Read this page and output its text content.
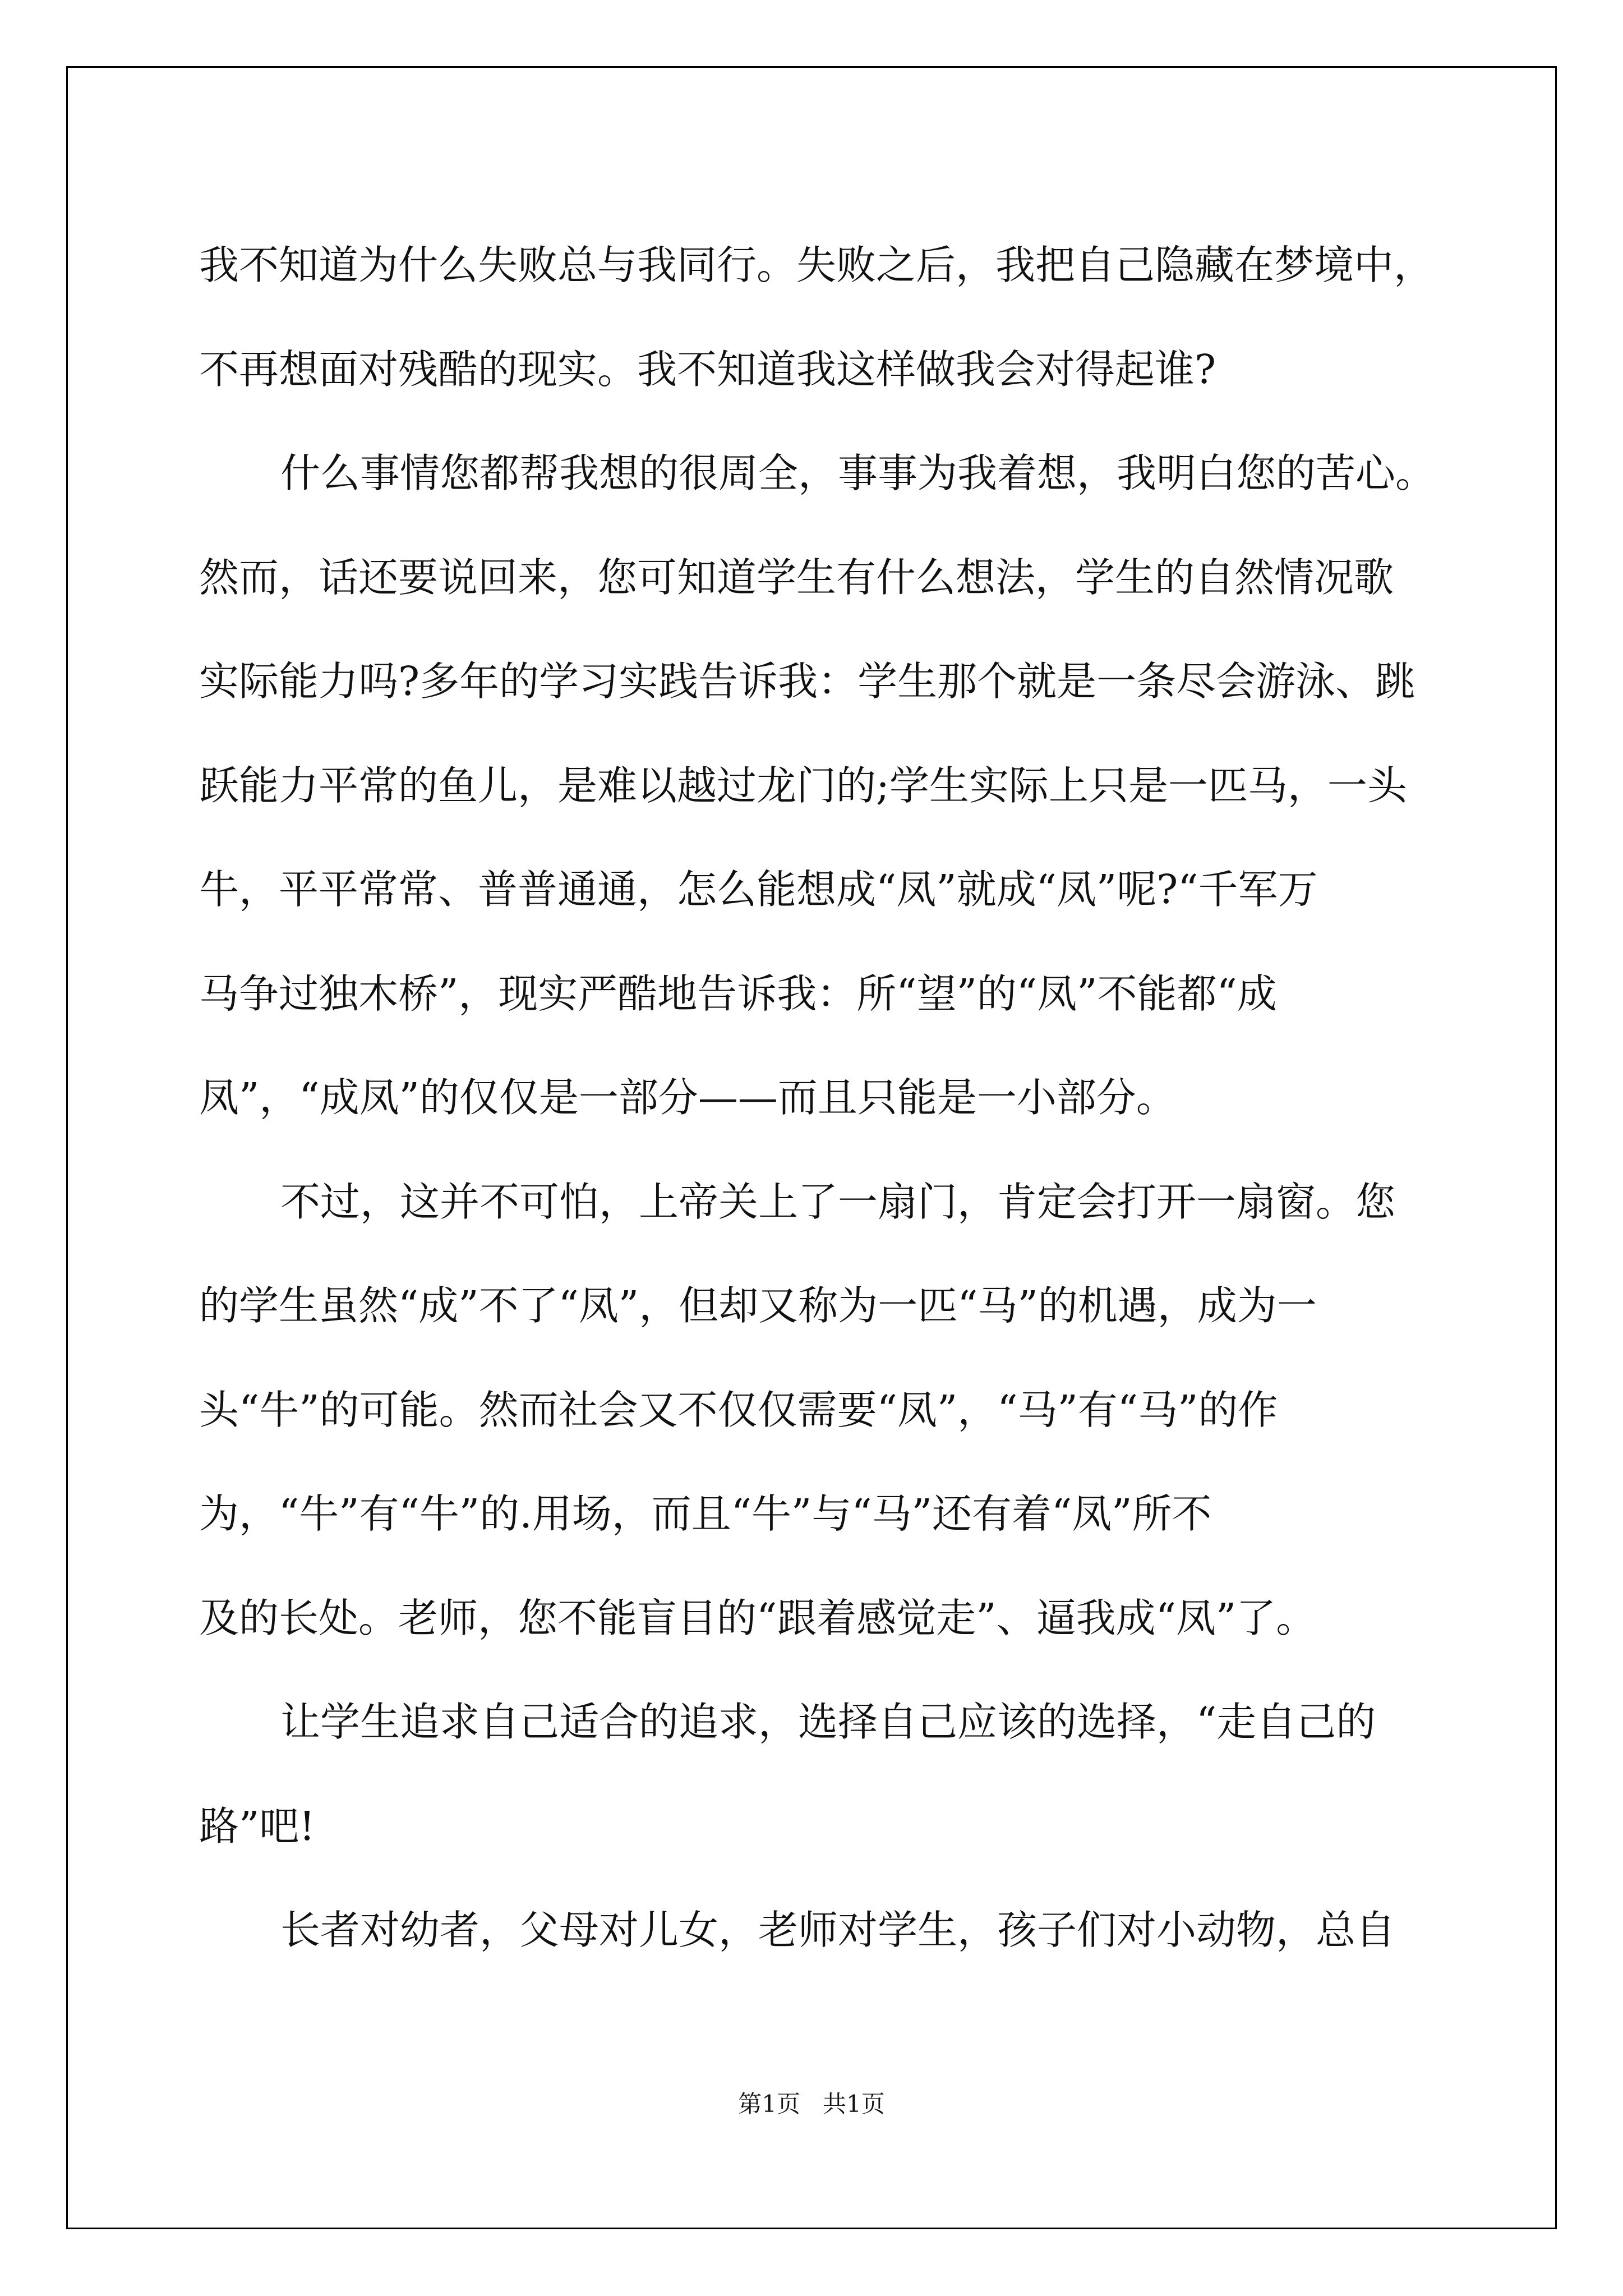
我不知道为什么失败总与我同行。失败之后，我把自己隐藏在梦境中，
不再想面对残酷的现实。我不知道我这样做我会对得起谁?
什么事情您都帮我想的很周全，事事为我着想，我明白您的苦心。
然而，话还要说回来，您可知道学生有什么想法，学生的自然情况歌
实际能力吗?多年的学习实践告诉我：学生那个就是一条尽会游泳、跳
跃能力平常的鱼儿，是难以越过龙门的;学生实际上只是一匹马，一头
牛，平平常常、普普通通，怎么能想成“凤”就成“凤”呢?“千军万
马争过独木桥”，现实严酷地告诉我：所“望”的“凤”不能都“成
凤”，“成凤”的仅仅是一部分——而且只能是一小部分。
不过，这并不可怕，上帝关上了一扇门，肯定会打开一扇窗。您
的学生虽然“成”不了“凤”，但却又称为一匹“马”的机遇，成为一
头“牛”的可能。然而社会又不仅仅需要“凤”，“马”有“马”的作
为，“牛”有“牛”的.用场，而且“牛”与“马”还有着“凤”所不
及的长处。老师，您不能盲目的“跟着感觉走”、逼我成“凤”了。
让学生追求自己适合的追求，选择自己应该的选择，“走自己的
路”吧!
长者对幼者，父母对儿女，老师对学生，孩子们对小动物，总自
第1页   共1页
